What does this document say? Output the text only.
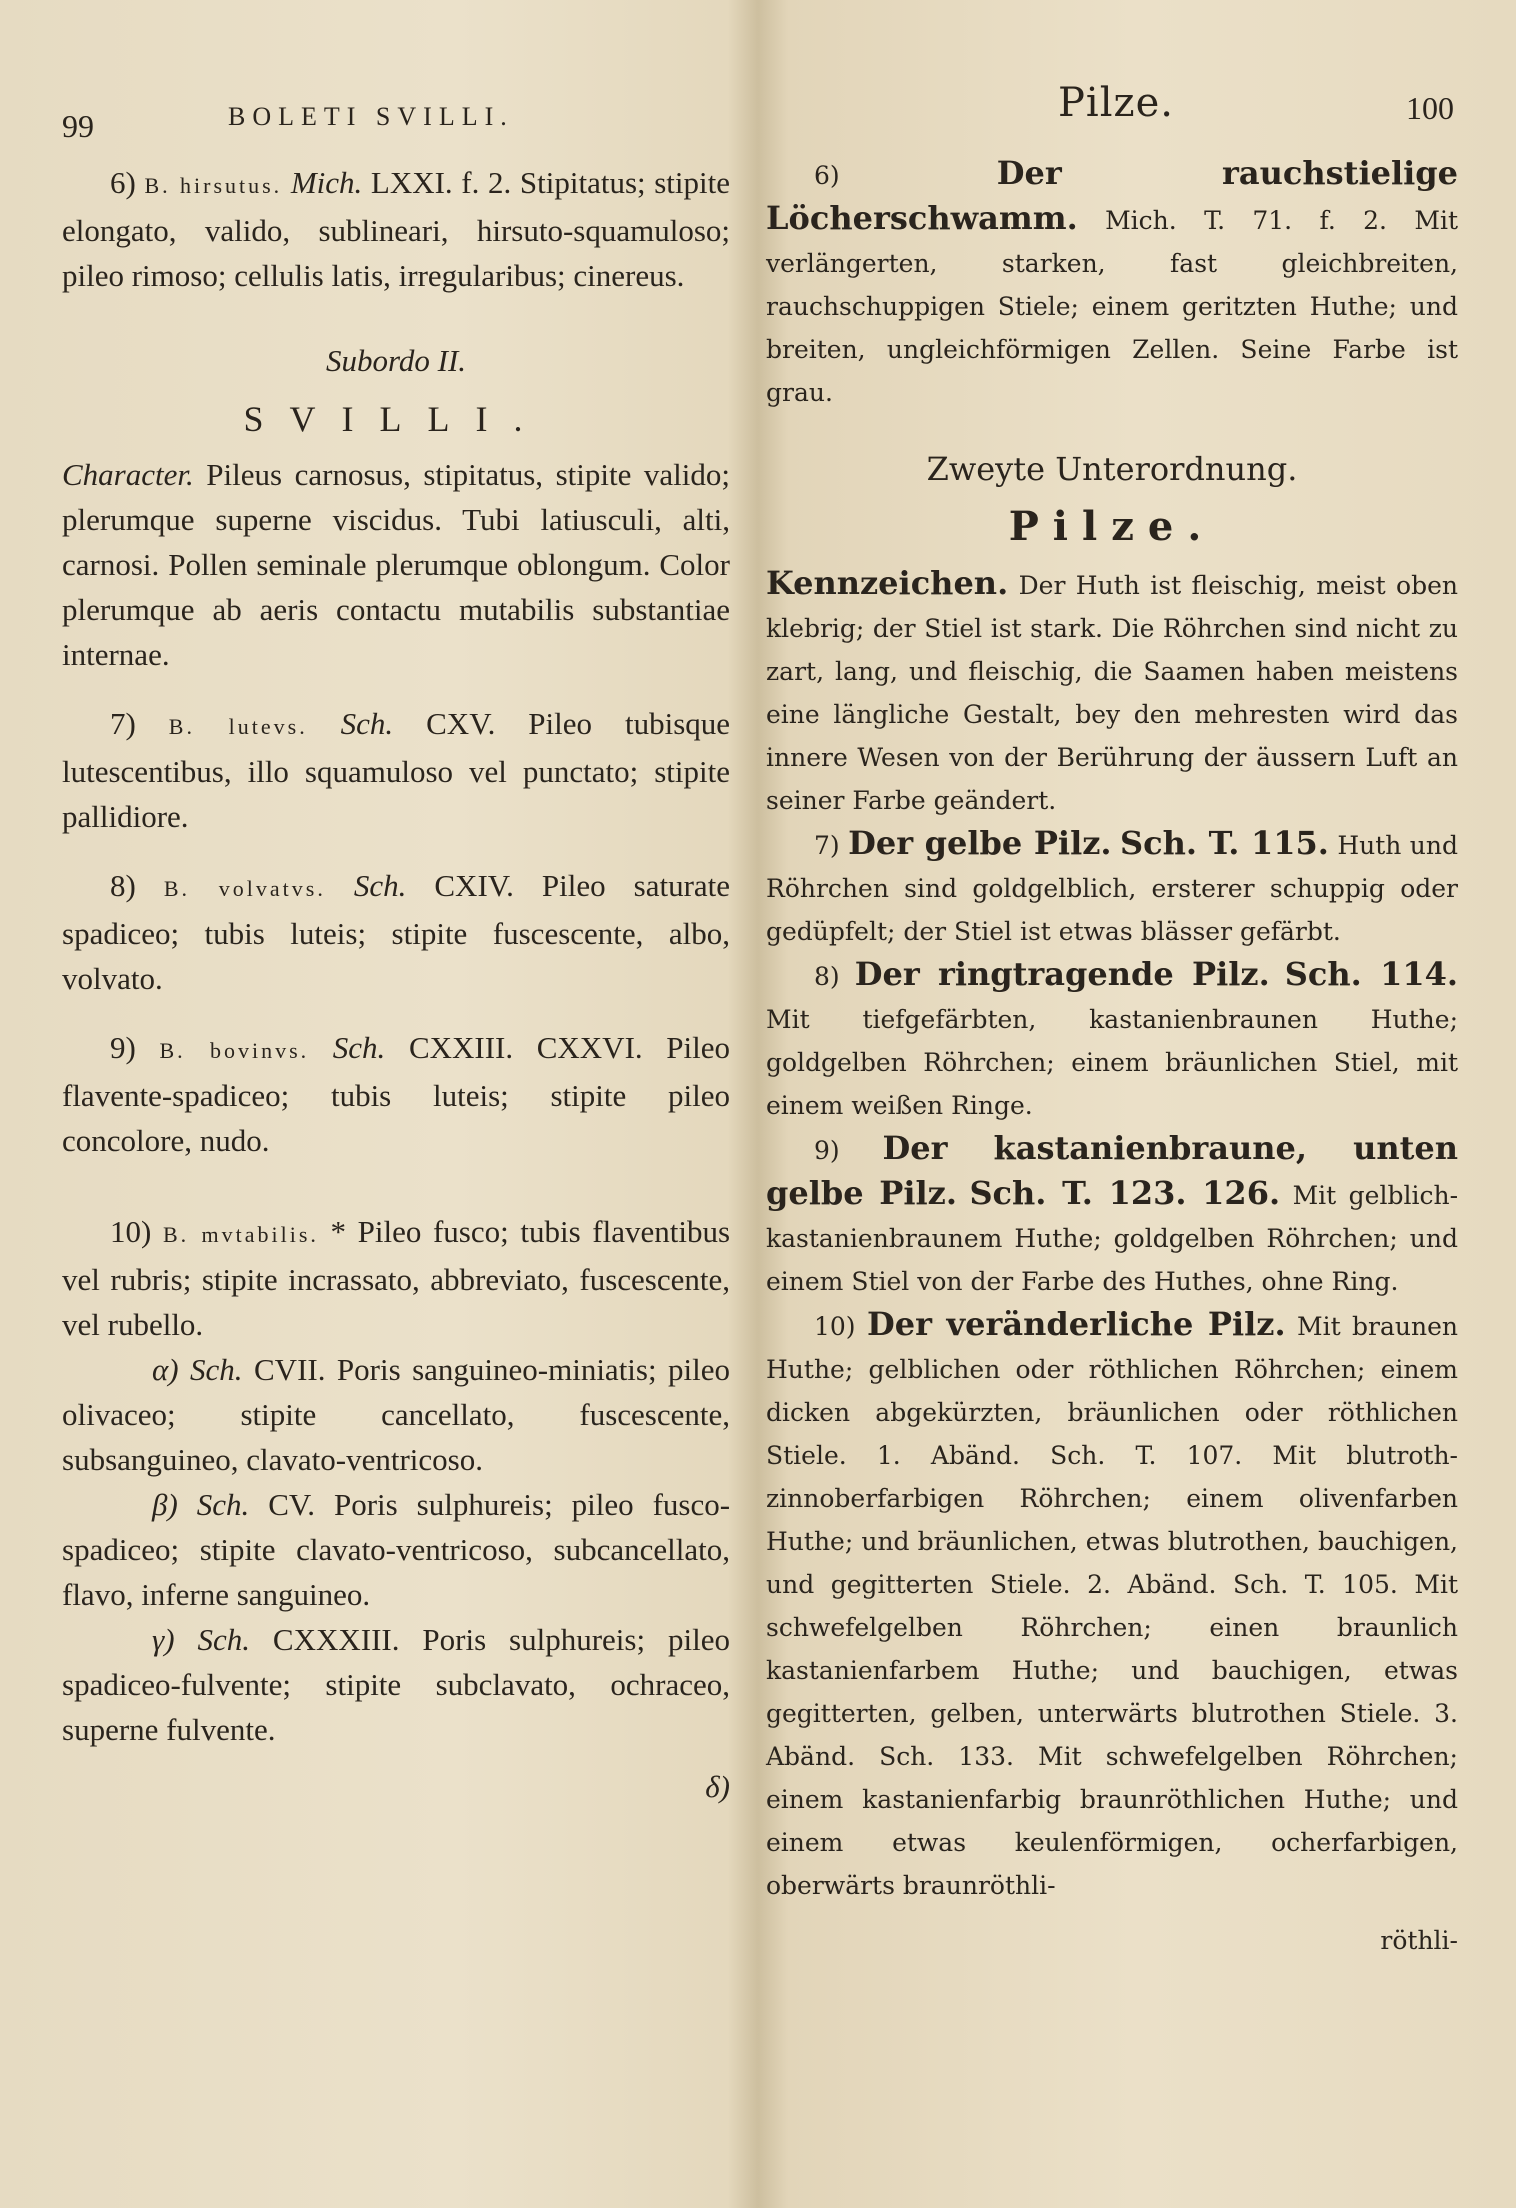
99	BOLETI SVILLI.

6) B. hirsutus. Mich. LXXI. f. 2. Stipitatus; stipite elongato, valido, sublineari, hirsuto-squamuloso; pileo rimoso; cellulis latis, irregularibus; cinereus.

Subordo II.

SVILLI.

Character. Pileus carnosus, stipitatus, stipite valido; plerumque superne viscidus. Tubi latiusculi, alti, carnosi. Pollen seminale plerumque oblongum. Color plerumque ab aeris contactu mutabilis substantiae internae.

7) B. lutevs. Sch. CXV. Pileo tubisque lutescentibus, illo squamuloso vel punctato; stipite pallidiore.

8) B. volvatvs. Sch. CXIV. Pileo saturate spadiceo; tubis luteis; stipite fuscescente, albo, volvato.

9) B. bovinvs. Sch. CXXIII. CXXVI. Pileo flavente-spadiceo; tubis luteis; stipite pileo concolore, nudo.

10) B. mvtabilis. * Pileo fusco; tubis flaventibus vel rubris; stipite incrassato, abbreviato, fuscescente, vel rubello.

α) Sch. CVII. Poris sanguineo-miniatis; pileo olivaceo; stipite cancellato, fuscescente, subsanguineo, clavato-ventricoso.

β) Sch. CV. Poris sulphureis; pileo fusco-spadiceo; stipite clavato-ventricoso, subcancellato, flavo, inferne sanguineo.

γ) Sch. CXXXIII. Poris sulphureis; pileo spadiceo-fulvente; stipite subclavato, ochraceo, superne fulvente.

δ)

Pilze.	100

6)	Der rauchstielige Löcherschwamm. Mich. T. 71. f. 2. Mit verlängerten, starken, fast gleichbreiten, rauchschuppigen Stiele; einem geritzten Huthe; und breiten, ungleichförmigen Zellen. Seine Farbe ist grau.

Zweyte Unterordnung.

Pilze.

Kennzeichen. Der Huth ist fleischig, meist oben klebrig; der Stiel ist stark. Die Röhrchen sind nicht zu zart, lang, und fleischig, die Saamen haben meistens eine längliche Gestalt, bey den mehresten wird das innere Wesen von der Berührung der äussern Luft an seiner Farbe geändert.

7) Der gelbe Pilz. Sch. T. 115. Huth und Röhrchen sind goldgelblich, ersterer schuppig oder gedüpfelt; der Stiel ist etwas blässer gefärbt.

8) Der ringtragende Pilz. Sch. 114. Mit tiefgefärbten, kastanienbraunen Huthe; goldgelben Röhrchen; einem bräunlichen Stiel, mit einem weißen Ringe.

9) Der kastanienbraune, unten gelbe Pilz. Sch. T. 123. 126. Mit gelblich-kastanienbraunem Huthe; goldgelben Röhrchen; und einem Stiel von der Farbe des Huthes, ohne Ring.

10) Der veränderliche Pilz. Mit braunen Huthe; gelblichen oder röthlichen Röhrchen; einem dicken abgekürzten, bräunlichen oder röthlichen Stiele. 1. Abänd. Sch. T. 107. Mit blutroth-zinnoberfarbigen Röhrchen; einem olivenfarben Huthe; und bräunlichen, etwas blutrothen, bauchigen, und gegitterten Stiele. 2. Abänd. Sch. T. 105. Mit schwefelgelben Röhrchen; einen braunlich kastanienfarbem Huthe; und bauchigen, etwas gegitterten, gelben, unterwärts blutrothen Stiele. 3. Abänd. Sch. 133. Mit schwefelgelben Röhrchen; einem kastanienfarbig braunröthlichen Huthe; und einem etwas keulenförmigen, ocherfarbigen, oberwärts braunröthli-

röthli-
